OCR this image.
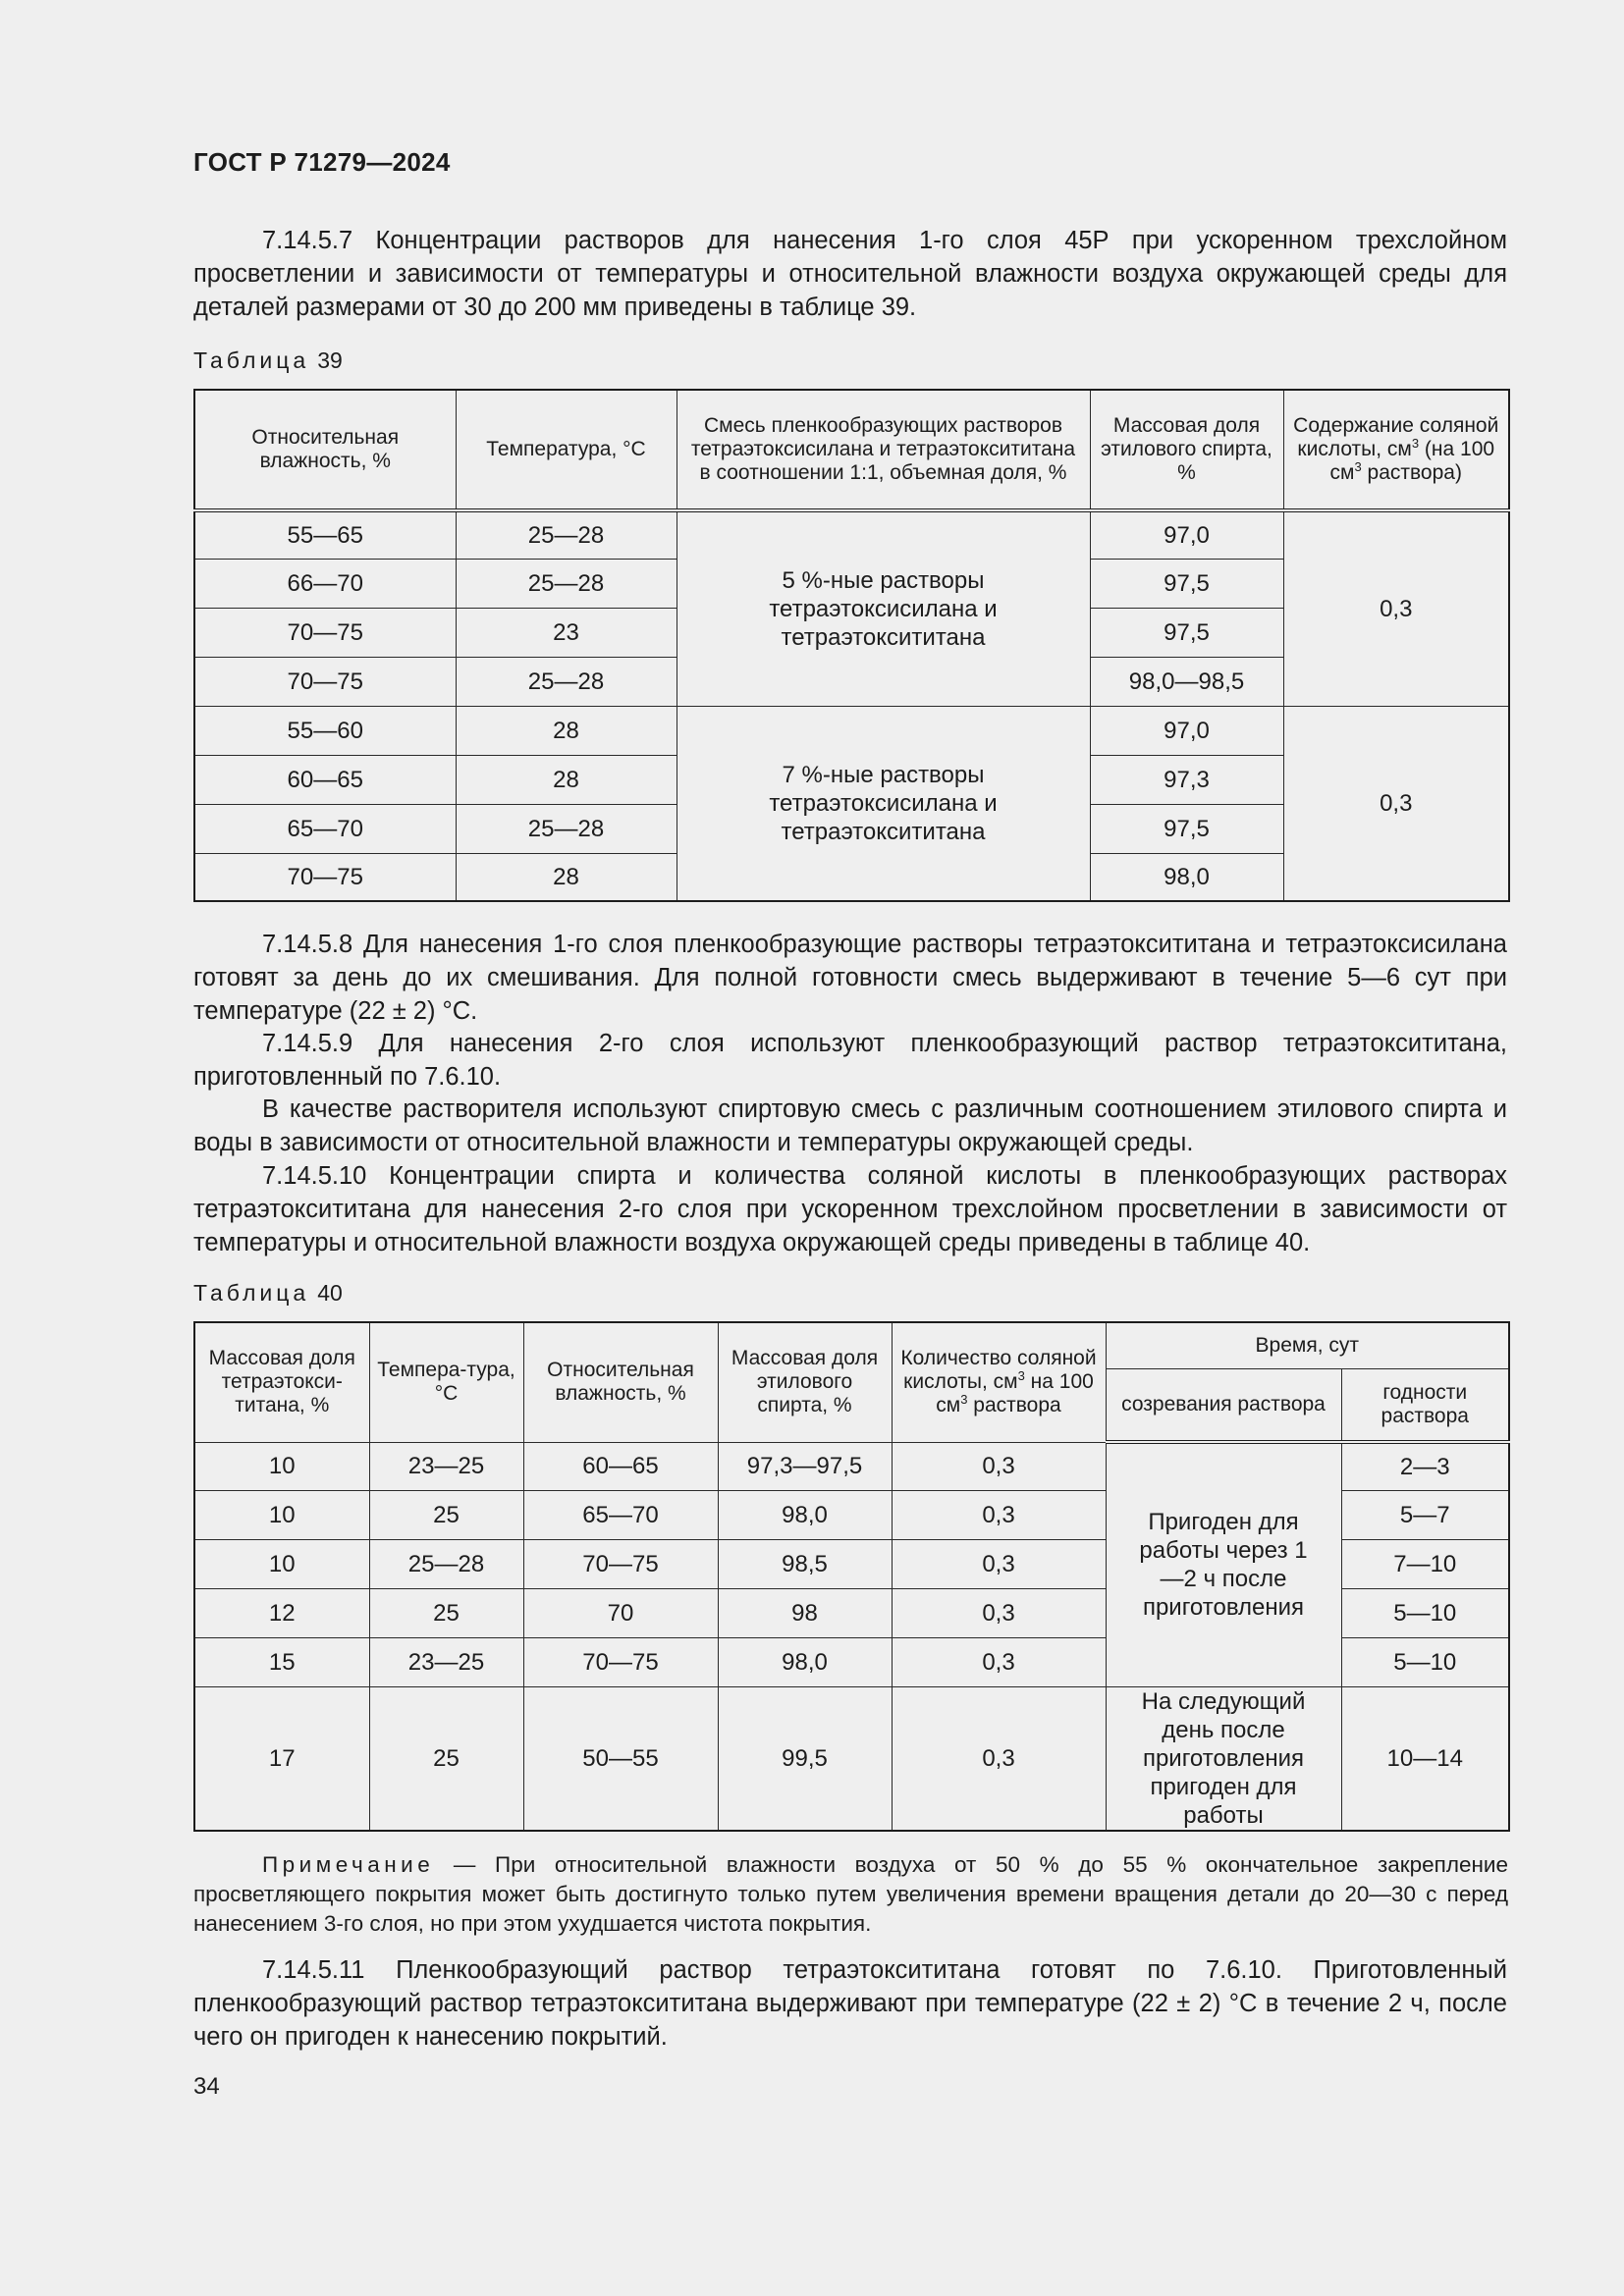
ГОСТ Р 71279—2024

7.14.5.7 Концентрации растворов для нанесения 1-го слоя 45Р при ускоренном трехслойном просветлении и зависимости от температуры и относительной влажности воздуха окружающей среды для деталей размерами от 30 до 200 мм приведены в таблице 39.

Таблица 39
Относительная влажность, %	Температура, °С	Смесь пленкообразующих растворов тетраэтоксисилана и тетраэтоксититана в соотношении 1:1, объемная доля, %	Массовая доля этилового спирта, %	Содержание соляной кислоты, $см^3$ (на 100 $см^3$ раствора)
55—65	25—28	5 %-ные растворы тетраэтоксисилана и тетраэтоксититана	97,0	0,3
66—70	25—28		97,5	
70—75	23		97,5	
70—75	25—28		98,0—98,5	
55—60	28	7 %-ные растворы тетраэтоксисилана и тетраэтоксититана	97,0	0,3
60—65	28		97,3	
65—70	25—28		97,5	
70—75	28		98,0	

7.14.5.8 Для нанесения 1-го слоя пленкообразующие растворы тетраэтоксититана и тетраэтоксисилана готовят за день до их смешивания. Для полной готовности смесь выдерживают в течение 5—6 сут при температуре (22 ± 2) °С.

7.14.5.9 Для нанесения 2-го слоя используют пленкообразующий раствор тетраэтоксититана, приготовленный по 7.6.10.

В качестве растворителя используют спиртовую смесь с различным соотношением этилового спирта и воды в зависимости от относительной влажности и температуры окружающей среды.

7.14.5.10 Концентрации спирта и количества соляной кислоты в пленкообразующих растворах тетраэтоксититана для нанесения 2-го слоя при ускоренном трехслойном просветлении в зависимости от температуры и относительной влажности воздуха окружающей среды приведены в таблице 40.

Таблица 40
Массовая доля тетраэтокси-титана, %	Темпера-тура, °С	Относительная влажность, %	Массовая доля этилового спирта, %	Количество соляной кислоты, $см^3$ на 100 $см^3$ раствора	Время, сут	
					созревания раствора	годности раствора
10	23—25	60—65	97,3—97,5	0,3	Пригоден для работы через 1—2 ч после приготовления	2—3
10	25	65—70	98,0	0,3		5—7
10	25—28	70—75	98,5	0,3		7—10
12	25	70	98	0,3		5—10
15	23—25	70—75	98,0	0,3		5—10
17	25	50—55	99,5	0,3	На следующий день после приготовления пригоден для работы	10—14

Примечание — При относительной влажности воздуха от 50 % до 55 % окончательное закрепление просветляющего покрытия может быть достигнуто только путем увеличения времени вращения детали до 20—30 с перед нанесением 3-го слоя, но при этом ухудшается чистота покрытия.

7.14.5.11 Пленкообразующий раствор тетраэтоксититана готовят по 7.6.10. Приготовленный пленкообразующий раствор тетраэтоксититана выдерживают при температуре (22 ± 2) °С в течение 2 ч, после чего он пригоден к нанесению покрытий.

34
